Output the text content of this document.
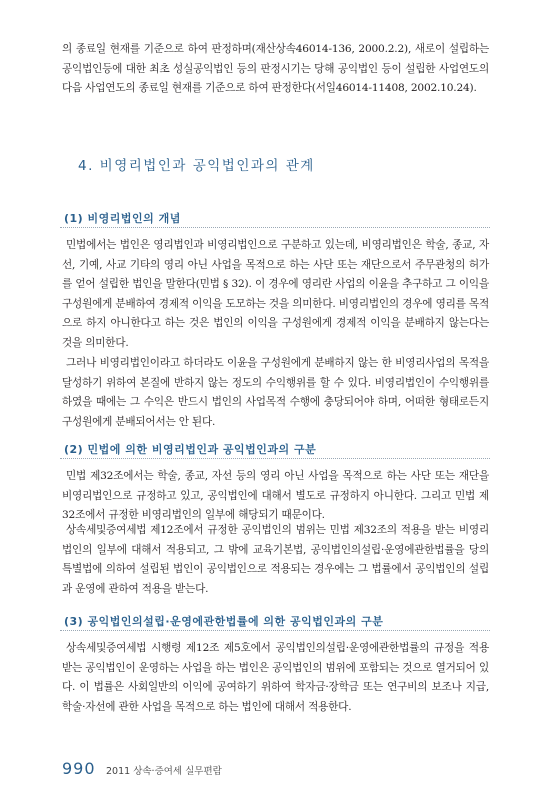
의 종료일 현재를 기준으로 하여 판정하며(재산상속46014-136, 2000.2.2), 새로이 설립하는 공익법인등에 대한 최초 성실공익법인 등의 판정시기는 당해 공익법인 등이 설립한 사업연도의 다음 사업연도의 종료일 현재를 기준으로 하여 판정한다(서일46014-11408, 2002.10.24).

4. 비영리법인과 공익법인과의 관계
(1) 비영리법인의 개념

민법에서는 법인은 영리법인과 비영리법인으로 구분하고 있는데, 비영리법인은 학술, 종교, 자선, 기예, 사교 기타의 영리 아닌 사업을 목적으로 하는 사단 또는 재단으로서 주무관청의 허가를 얻어 설립한 법인을 말한다(민법 § 32). 이 경우에 영리란 사업의 이윤을 추구하고 그 이익을 구성원에게 분배하여 경제적 이익을 도모하는 것을 의미한다. 비영리법인의 경우에 영리를 목적으로 하지 아니한다고 하는 것은 법인의 이익을 구성원에게 경제적 이익을 분배하지 않는다는 것을 의미한다.

그러나 비영리법인이라고 하더라도 이윤을 구성원에게 분배하지 않는 한 비영리사업의 목적을 달성하기 위하여 본질에 반하지 않는 정도의 수익행위를 할 수 있다. 비영리법인이 수익행위를 하였을 때에는 그 수익은 반드시 법인의 사업목적 수행에 충당되어야 하며, 어떠한 형태로든지 구성원에게 분배되어서는 안 된다.

(2) 민법에 의한 비영리법인과 공익법인과의 구분

민법 제32조에서는 학술, 종교, 자선 등의 영리 아닌 사업을 목적으로 하는 사단 또는 재단을 비영리법인으로 규정하고 있고, 공익법인에 대해서 별도로 규정하지 아니한다. 그리고 민법 제32조에서 규정한 비영리법인의 일부에 해당되기 때문이다.

상속세및증여세법 제12조에서 규정한 공익법인의 범위는 민법 제32조의 적용을 받는 비영리법인의 일부에 대해서 적용되고, 그 밖에 교육기본법, 공익법인의설립·운영에관한법률을 당의 특별법에 의하여 설립된 법인이 공익법인으로 적용되는 경우에는 그 법률에서 공익법인의 설립과 운영에 관하여 적용을 받는다.

(3) 공익법인의설립·운영에관한법률에 의한 공익법인과의 구분

상속세및증여세법 시행령 제12조 제5호에서 공익법인의설립·운영에관한법률의 규정을 적용받는 공익법인이 운영하는 사업을 하는 법인은 공익법인의 범위에 포함되는 것으로 열거되어 있다. 이 법률은 사회일반의 이익에 공여하기 위하여 학자금·장학금 또는 연구비의 보조나 지급, 학술·자선에 관한 사업을 목적으로 하는 법인에 대해서 적용한다.

990 2011 상속·증여세 실무편람
